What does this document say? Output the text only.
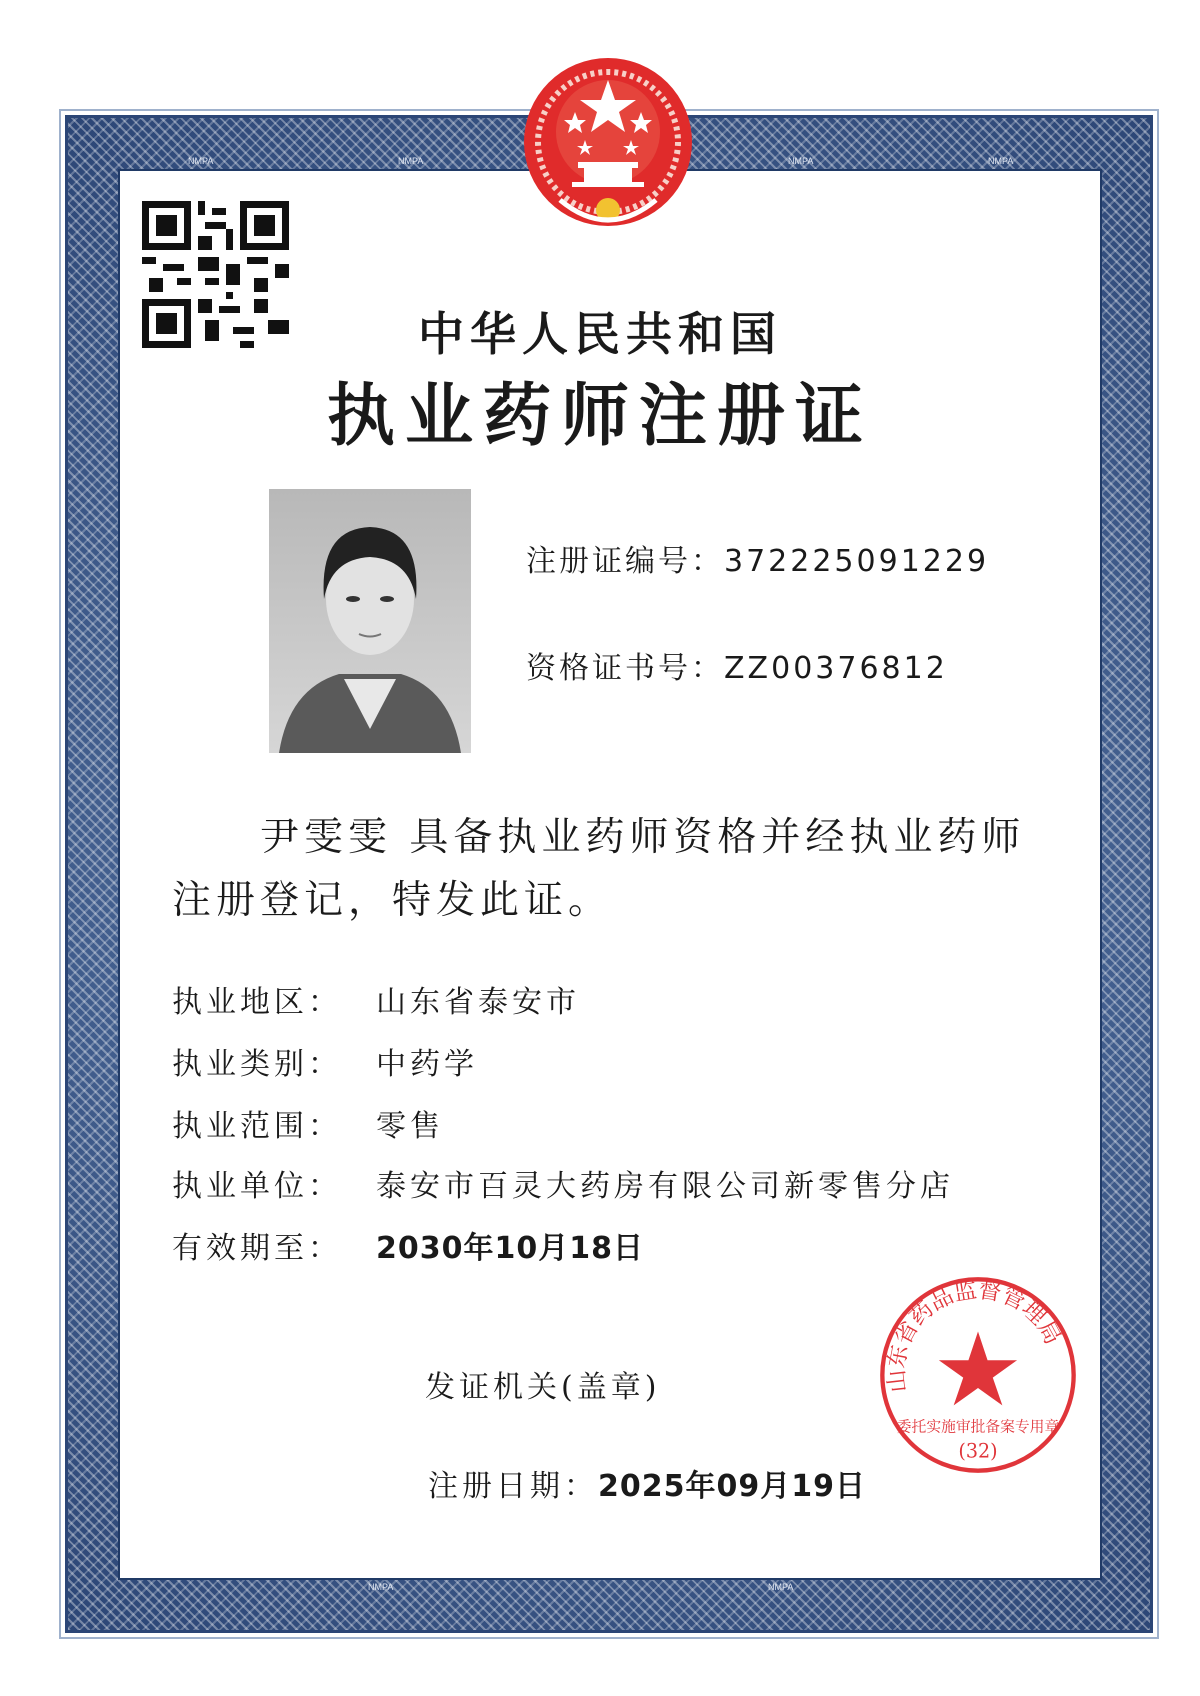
NMPA	NMPA	NMPA	NMPA
NMPA	NMPA
中华人民共和国
执业药师注册证
注册证编号：372225091229
资格证书号：ZZ00376812
尹雯雯 具备执业药师资格并经执业药师
注册登记，特发此证。
执业地区： 山东省泰安市
执业类别： 中药学
执业范围： 零售
执业单位： 泰安市百灵大药房有限公司新零售分店
有效期至： 2030年10月18日
山东省药品监督管理局
委托实施审批备案专用章
(32)
发证机关(盖章)
注册日期：2025年09月19日
